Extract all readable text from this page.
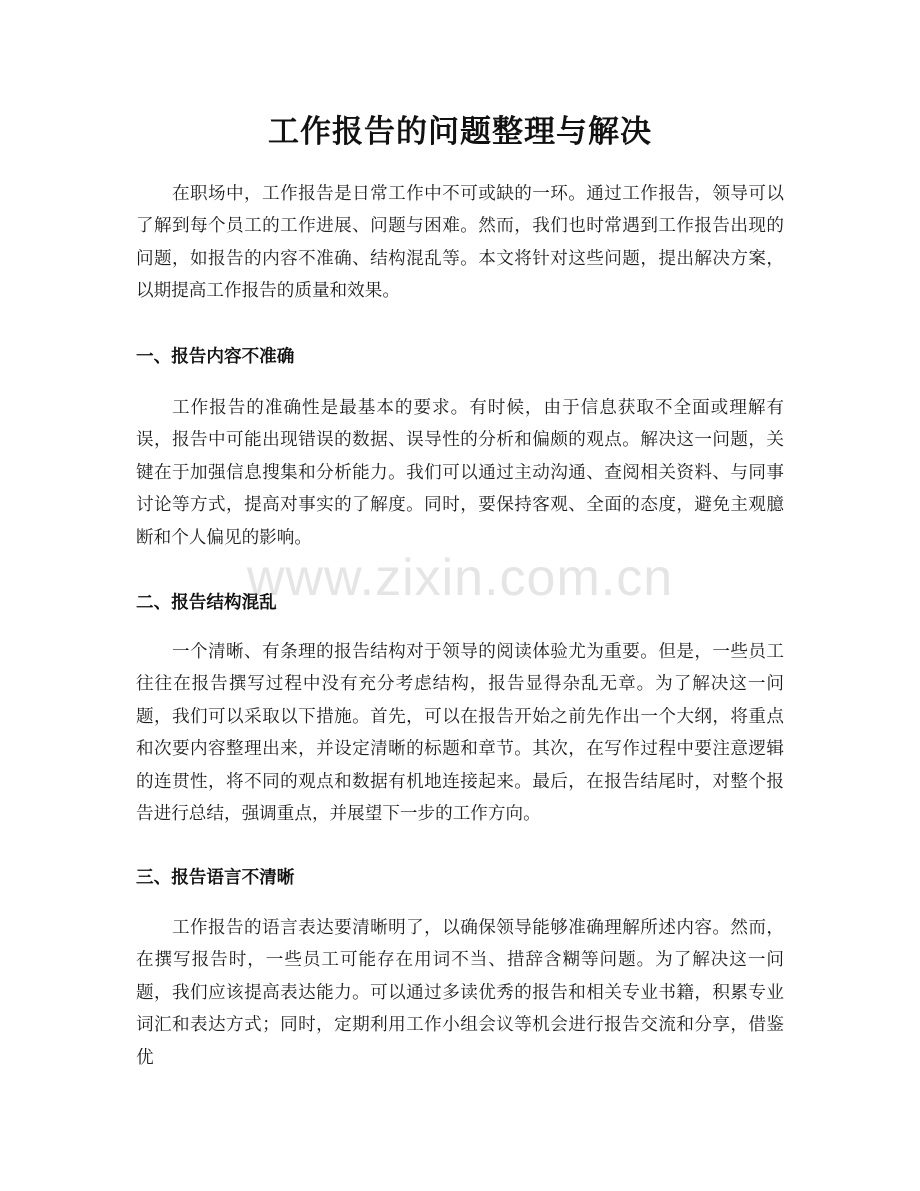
工作报告的问题整理与解决

在职场中，工作报告是日常工作中不可或缺的一环。通过工作报告，领导可以了解到每个员工的工作进展、问题与困难。然而，我们也时常遇到工作报告出现的问题，如报告的内容不准确、结构混乱等。本文将针对这些问题，提出解决方案，以期提高工作报告的质量和效果。

一、报告内容不准确

工作报告的准确性是最基本的要求。有时候，由于信息获取不全面或理解有误，报告中可能出现错误的数据、误导性的分析和偏颇的观点。解决这一问题，关键在于加强信息搜集和分析能力。我们可以通过主动沟通、查阅相关资料、与同事讨论等方式，提高对事实的了解度。同时，要保持客观、全面的态度，避免主观臆断和个人偏见的影响。

二、报告结构混乱

一个清晰、有条理的报告结构对于领导的阅读体验尤为重要。但是，一些员工往往在报告撰写过程中没有充分考虑结构，报告显得杂乱无章。为了解决这一问题，我们可以采取以下措施。首先，可以在报告开始之前先作出一个大纲，将重点和次要内容整理出来，并设定清晰的标题和章节。其次，在写作过程中要注意逻辑的连贯性，将不同的观点和数据有机地连接起来。最后，在报告结尾时，对整个报告进行总结，强调重点，并展望下一步的工作方向。

三、报告语言不清晰

工作报告的语言表达要清晰明了，以确保领导能够准确理解所述内容。然而，在撰写报告时，一些员工可能存在用词不当、措辞含糊等问题。为了解决这一问题，我们应该提高表达能力。可以通过多读优秀的报告和相关专业书籍，积累专业词汇和表达方式；同时，定期利用工作小组会议等机会进行报告交流和分享，借鉴优

www.zixin.com.cn
